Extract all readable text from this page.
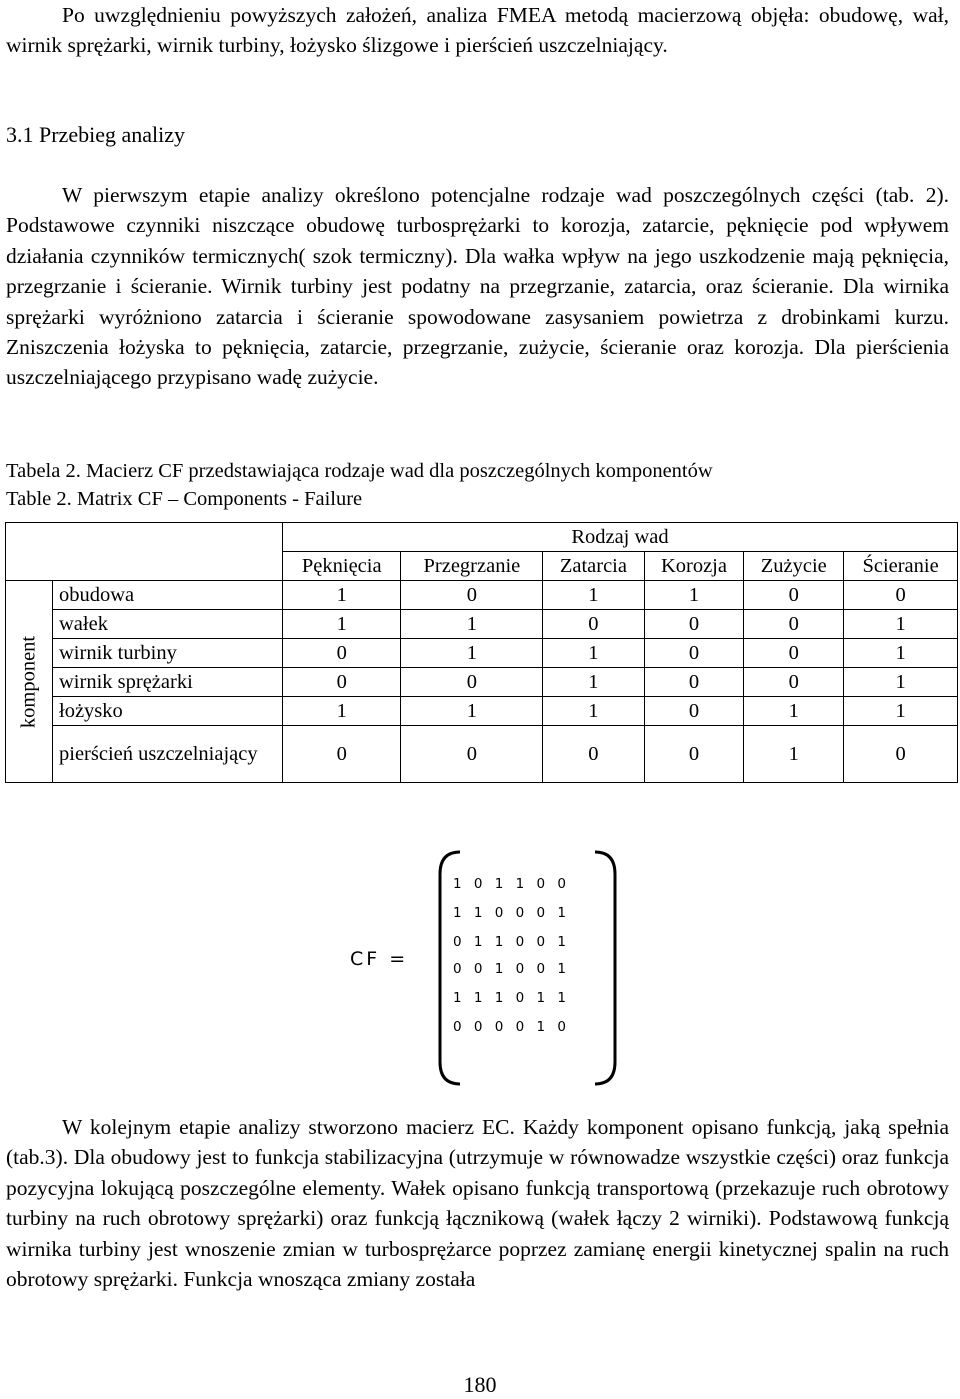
Po uwzględnieniu powyższych założeń, analiza FMEA metodą macierzową objęła: obudowę, wał, wirnik sprężarki, wirnik turbiny, łożysko ślizgowe i pierścień uszczelniający.

3.1 Przebieg analizy

W pierwszym etapie analizy określono potencjalne rodzaje wad poszczególnych części (tab. 2). Podstawowe czynniki niszczące obudowę turbosprężarki to korozja, zatarcie, pęknięcie pod wpływem działania czynników termicznych( szok termiczny). Dla wałka wpływ na jego uszkodzenie mają pęknięcia, przegrzanie i ścieranie. Wirnik turbiny jest podatny na przegrzanie, zatarcia, oraz ścieranie. Dla wirnika sprężarki wyróżniono zatarcia i ścieranie spowodowane zasysaniem powietrza z drobinkami kurzu. Zniszczenia łożyska to pęknięcia, zatarcie, przegrzanie, zużycie, ścieranie oraz korozja. Dla pierścienia uszczelniającego przypisano wadę zużycie.

Tabela 2. Macierz CF przedstawiająca rodzaje wad dla poszczególnych komponentów

Table 2. Matrix CF – Components - Failure

		Rodzaj wad					
		Pęknięcia	Przegrzanie	Zatarcia	Korozja	Zużycie	Ścieranie

komponent	obudowa	1	0	1	1	0	0
	wałek	1	1	0	0	0	1
	wirnik turbiny	0	1	1	0	0	1
	wirnik sprężarki	0	0	1	0	0	1
	łożysko	1	1	1	0	1	1
	pierścień uszczelniający	0	0	0	0	1	0
CF =
1 0 1 1 0 0
1 1 0 0 0 1
0 1 1 0 0 1
0 0 1 0 0 1
1 1 1 0 1 1
0 0 0 0 1 0

W kolejnym etapie analizy stworzono macierz EC. Każdy komponent opisano funkcją, jaką spełnia (tab.3). Dla obudowy jest to funkcja stabilizacyjna (utrzymuje w równowadze wszystkie części) oraz funkcja pozycyjna lokującą poszczególne elementy. Wałek opisano funkcją transportową (przekazuje ruch obrotowy turbiny na ruch obrotowy sprężarki) oraz funkcją łącznikową (wałek łączy 2 wirniki). Podstawową funkcją wirnika turbiny jest wnoszenie zmian w turbosprężarce poprzez zamianę energii kinetycznej spalin na ruch obrotowy sprężarki. Funkcja wnosząca zmiany została

180
